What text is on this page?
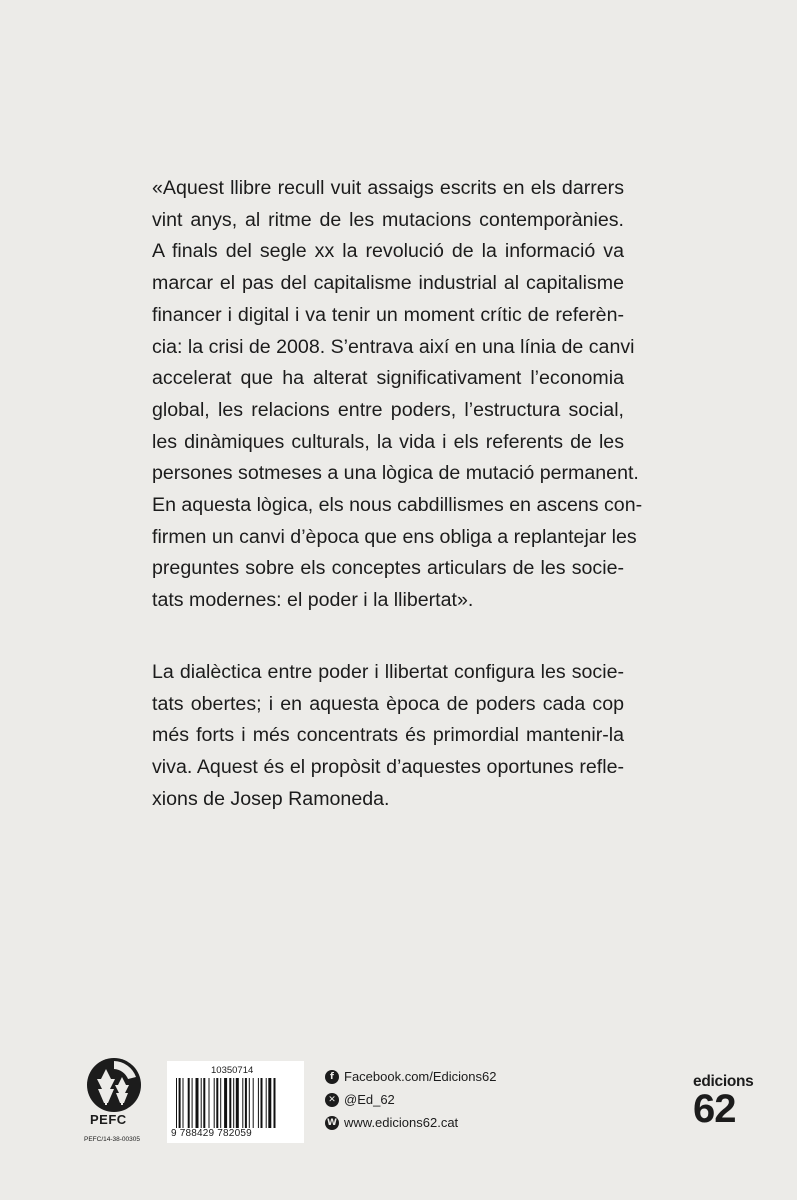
«Aquest llibre recull vuit assaigs escrits en els darrers
vint anys, al ritme de les mutacions contemporànies.
A finals del segle xx la revolució de la informació va
marcar el pas del capitalisme industrial al capitalisme
financer i digital i va tenir un moment crític de referèn-
cia: la crisi de 2008. S’entrava així en una línia de canvi
accelerat que ha alterat significativament l’economia
global, les relacions entre poders, l’estructura social,
les dinàmiques culturals, la vida i els referents de les
persones sotmeses a una lògica de mutació permanent.
En aquesta lògica, els nous cabdillismes en ascens con-
firmen un canvi d’època que ens obliga a replantejar les
preguntes sobre els conceptes articulars de les socie-
tats modernes: el poder i la llibertat».

La dialèctica entre poder i llibertat configura les socie-
tats obertes; i en aquesta època de poders cada cop
més forts i més concentrats és primordial mantenir-la
viva. Aquest és el propòsit d’aquestes oportunes refle-
xions de Josep Ramoneda.

PEFC
PEFC/14-38-00305
10350714
9 788429 782059
f Facebook.com/Edicions62
✕ @Ed_62
W www.edicions62.cat
edicions
62
